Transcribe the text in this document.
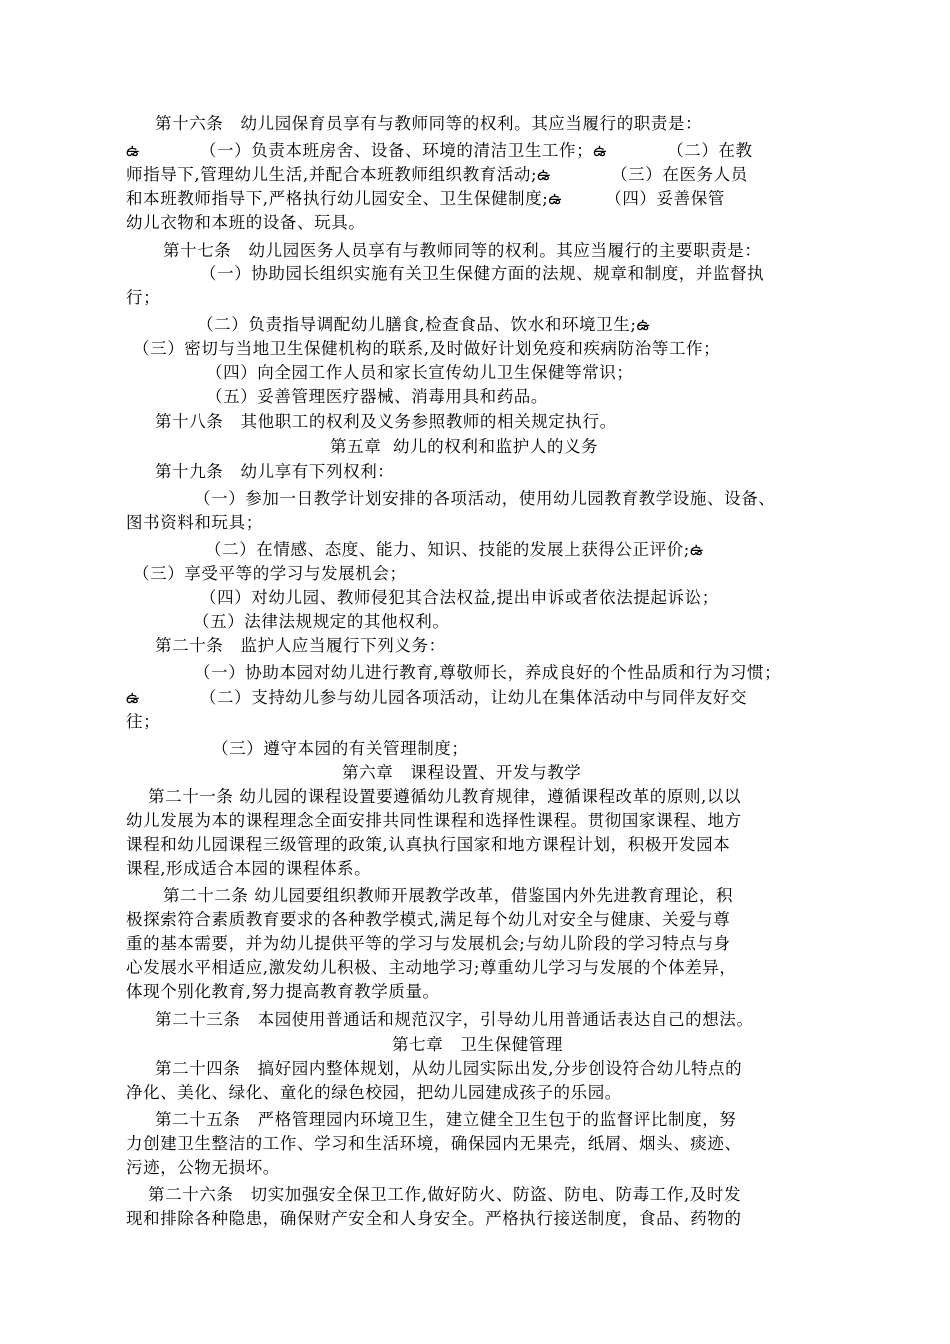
第十六条　幼儿园保育员享有与教师同等的权利。其应当履行的职责是：

ఉ　　　　（一）负责本班房舍、设备、环境的清洁卫生工作；ఉ　　　　（二）在教

师指导下,管理幼儿生活,并配合本班教师组织教育活动;ఉ　　　　（三）在医务人员

和本班教师指导下,严格执行幼儿园安全、卫生保健制度;ఉ　　　（四）妥善保管

幼儿衣物和本班的设备、玩具。

第十七条　幼儿园医务人员享有与教师同等的权利。其应当履行的主要职责是：

（一）协助园长组织实施有关卫生保健方面的法规、规章和制度，并监督执

行；

（二）负责指导调配幼儿膳食,检查食品、饮水和环境卫生;ఉ

（三）密切与当地卫生保健机构的联系,及时做好计划免疫和疾病防治等工作；

（四）向全园工作人员和家长宣传幼儿卫生保健等常识；

（五）妥善管理医疗器械、消毒用具和药品。

第十八条　其他职工的权利及义务参照教师的相关规定执行。

第五章  幼儿的权利和监护人的义务

第十九条　幼儿享有下列权利：

（一）参加一日教学计划安排的各项活动，使用幼儿园教育教学设施、设备、

图书资料和玩具；

（二）在情感、态度、能力、知识、技能的发展上获得公正评价;ఉ

（三）享受平等的学习与发展机会；

（四）对幼儿园、教师侵犯其合法权益,提出申诉或者依法提起诉讼；

（五）法律法规规定的其他权利。

第二十条　监护人应当履行下列义务：

（一）协助本园对幼儿进行教育,尊敬师长，养成良好的个性品质和行为习惯；

ఉ　　　　（二）支持幼儿参与幼儿园各项活动，让幼儿在集体活动中与同伴友好交

往；

（三）遵守本园的有关管理制度；

第六章　课程设置、开发与教学

第二十一条 幼儿园的课程设置要遵循幼儿教育规律，遵循课程改革的原则,以以

幼儿发展为本的课程理念全面安排共同性课程和选择性课程。贯彻国家课程、地方

课程和幼儿园课程三级管理的政策,认真执行国家和地方课程计划，积极开发园本

课程,形成适合本园的课程体系。

第二十二条 幼儿园要组织教师开展教学改革，借鉴国内外先进教育理论，积

极探索符合素质教育要求的各种教学模式,满足每个幼儿对安全与健康、关爱与尊

重的基本需要，并为幼儿提供平等的学习与发展机会;与幼儿阶段的学习特点与身

心发展水平相适应,激发幼儿积极、主动地学习;尊重幼儿学习与发展的个体差异，

体现个别化教育,努力提高教育教学质量。

第二十三条　本园使用普通话和规范汉字，引导幼儿用普通话表达自己的想法。

第七章　卫生保健管理

第二十四条　搞好园内整体规划，从幼儿园实际出发,分步创设符合幼儿特点的

净化、美化、绿化、童化的绿色校园，把幼儿园建成孩子的乐园。

第二十五条　严格管理园内环境卫生，建立健全卫生包于的监督评比制度，努

力创建卫生整洁的工作、学习和生活环境，确保园内无果壳，纸屑、烟头、痰迹、

污迹，公物无损坏。

第二十六条　切实加强安全保卫工作,做好防火、防盗、防电、防毒工作,及时发

现和排除各种隐患，确保财产安全和人身安全。严格执行接送制度，食品、药物的
